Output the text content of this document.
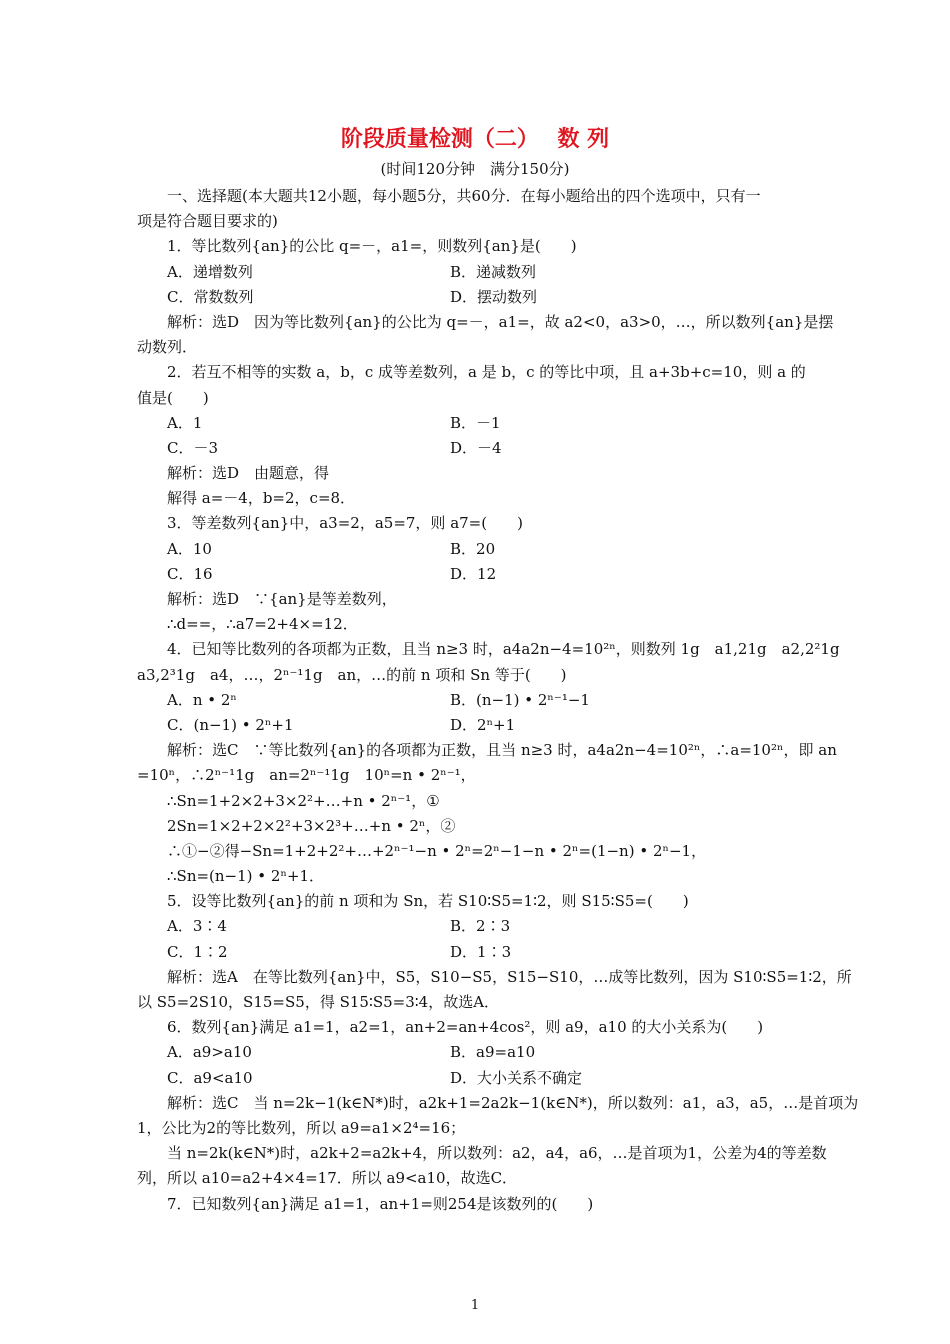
阶段质量检测（二）　 数 列
(时间120分钟　满分150分)
一、选择题(本大题共12小题，每小题5分，共60分．在每小题给出的四个选项中，只有一
项是符合题目要求的)
1．等比数列{an}的公比 q=－，a1=，则数列{an}是(　　)
A．递增数列	B．递减数列
C．常数数列	D．摆动数列
解析：选D　因为等比数列{an}的公比为 q=－，a1=，故 a2<0，a3>0，…，所以数列{an}是摆
动数列．
2．若互不相等的实数 a，b，c 成等差数列，a 是 b，c 的等比中项，且 a+3b+c=10，则 a 的
值是(　　)
A．1	B．－1
C．－3	D．－4
解析：选D　由题意，得
解得 a=－4，b=2，c=8．
3．等差数列{an}中，a3=2，a5=7，则 a7=(　　)
A．10	B．20
C．16	D．12
解析：选D　∵{an}是等差数列，
∴d==，∴a7=2+4×=12．
4．已知等比数列的各项都为正数，且当 n≥3 时，a4a2n−4=10²ⁿ，则数列 1g　a1,21g　a2,2²1g
a3,2³1g　a4，…，2ⁿ⁻¹1g　an，…的前 n 项和 Sn 等于(　　)
A．n • 2ⁿ	B．(n−1) • 2ⁿ⁻¹−1
C．(n−1) • 2ⁿ+1	D．2ⁿ+1
解析：选C　∵等比数列{an}的各项都为正数，且当 n≥3 时，a4a2n−4=10²ⁿ，∴a=10²ⁿ，即 an
=10ⁿ，∴2ⁿ⁻¹1g　an=2ⁿ⁻¹1g　10ⁿ=n • 2ⁿ⁻¹，
∴Sn=1+2×2+3×2²+…+n • 2ⁿ⁻¹，①
2Sn=1×2+2×2²+3×2³+…+n • 2ⁿ，②
∴①−②得−Sn=1+2+2²+…+2ⁿ⁻¹−n • 2ⁿ=2ⁿ−1−n • 2ⁿ=(1−n) • 2ⁿ−1，
∴Sn=(n−1) • 2ⁿ+1．
5．设等比数列{an}的前 n 项和为 Sn，若 S10∶S5=1∶2，则 S15∶S5=(　　)
A．3∶4	B．2∶3
C．1∶2	D．1∶3
解析：选A　在等比数列{an}中，S5，S10−S5，S15−S10，…成等比数列，因为 S10∶S5=1∶2，所
以 S5=2S10，S15=S5，得 S15∶S5=3∶4，故选A．
6．数列{an}满足 a1=1，a2=1，an+2=an+4cos²，则 a9，a10 的大小关系为(　　)
A．a9>a10	B．a9=a10
C．a9<a10	D．大小关系不确定
解析：选C　当 n=2k−1(k∈N*)时，a2k+1=2a2k−1(k∈N*)，所以数列：a1，a3，a5，…是首项为
1，公比为2的等比数列，所以 a9=a1×2⁴=16；
当 n=2k(k∈N*)时，a2k+2=a2k+4，所以数列：a2，a4，a6，…是首项为1，公差为4的等差数
列，所以 a10=a2+4×4=17．所以 a9<a10，故选C．
7．已知数列{an}满足 a1=1，an+1=则254是该数列的(　　)
1
